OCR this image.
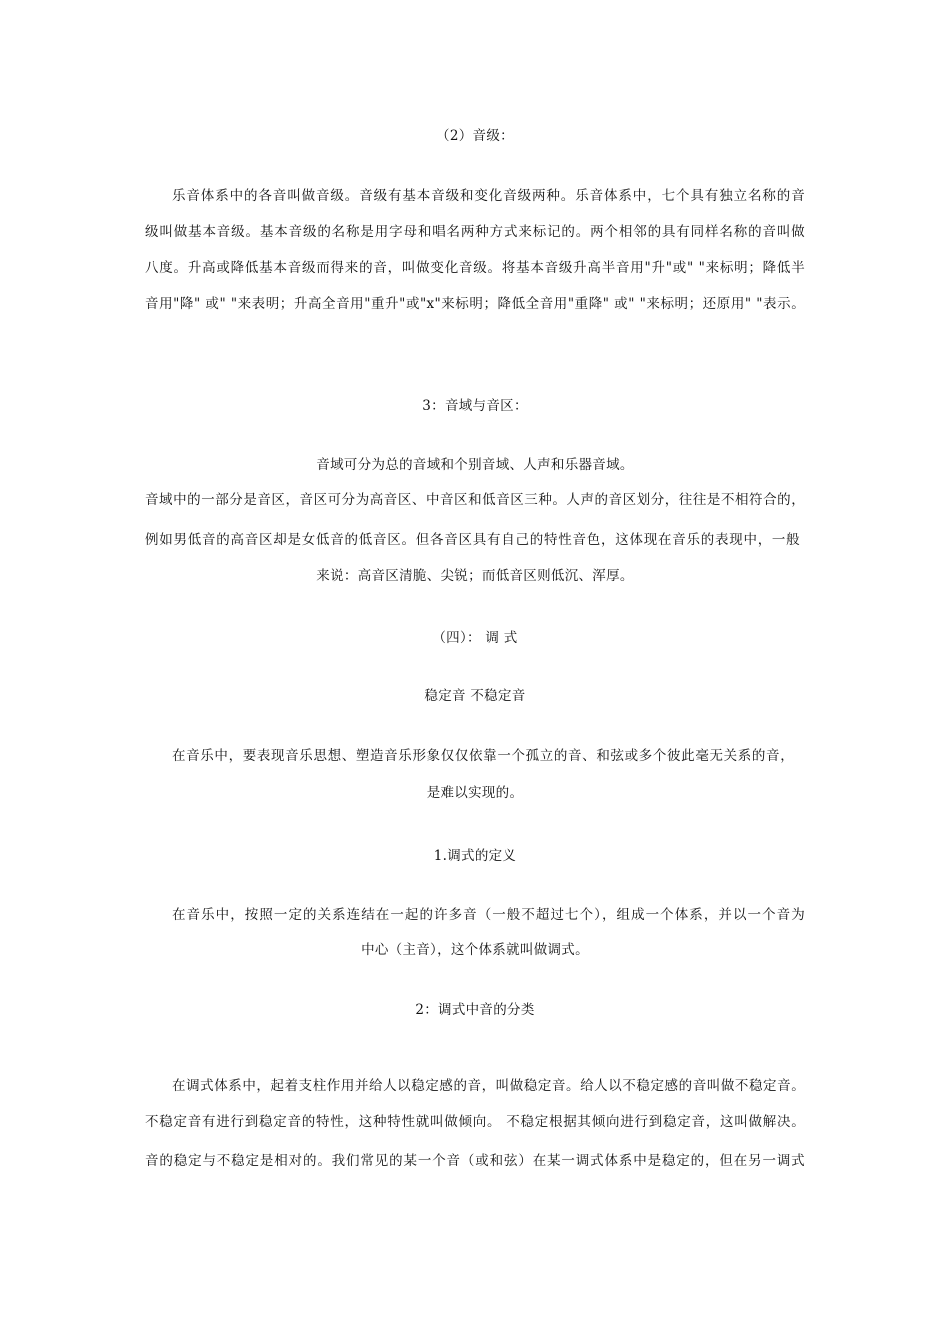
（2）音级：
乐音体系中的各音叫做音级。音级有基本音级和变化音级两种。乐音体系中，七个具有独立名称的音
级叫做基本音级。基本音级的名称是用字母和唱名两种方式来标记的。两个相邻的具有同样名称的音叫做
八度。升高或降低基本音级而得来的音，叫做变化音级。将基本音级升高半音用"升"或" "来标明；降低半
音用"降" 或" "来表明；升高全音用"重升"或"x"来标明；降低全音用"重降" 或" "来标明；还原用" "表示。
3：音域与音区：
音域可分为总的音域和个别音域、人声和乐器音域。
音域中的一部分是音区，音区可分为高音区、中音区和低音区三种。人声的音区划分，往往是不相符合的，
例如男低音的高音区却是女低音的低音区。但各音区具有自己的特性音色，这体现在音乐的表现中，一般
来说：高音区清脆、尖锐；而低音区则低沉、浑厚。
（四）： 调 式
稳定音 不稳定音
在音乐中，要表现音乐思想、塑造音乐形象仅仅依靠一个孤立的音、和弦或多个彼此毫无关系的音，
是难以实现的。
1.调式的定义
在音乐中，按照一定的关系连结在一起的许多音（一般不超过七个），组成一个体系，并以一个音为
中心（主音），这个体系就叫做调式。
2：调式中音的分类
在调式体系中，起着支柱作用并给人以稳定感的音，叫做稳定音。给人以不稳定感的音叫做不稳定音。
不稳定音有进行到稳定音的特性，这种特性就叫做倾向。 不稳定根据其倾向进行到稳定音，这叫做解决。
音的稳定与不稳定是相对的。我们常见的某一个音（或和弦）在某一调式体系中是稳定的，但在另一调式
